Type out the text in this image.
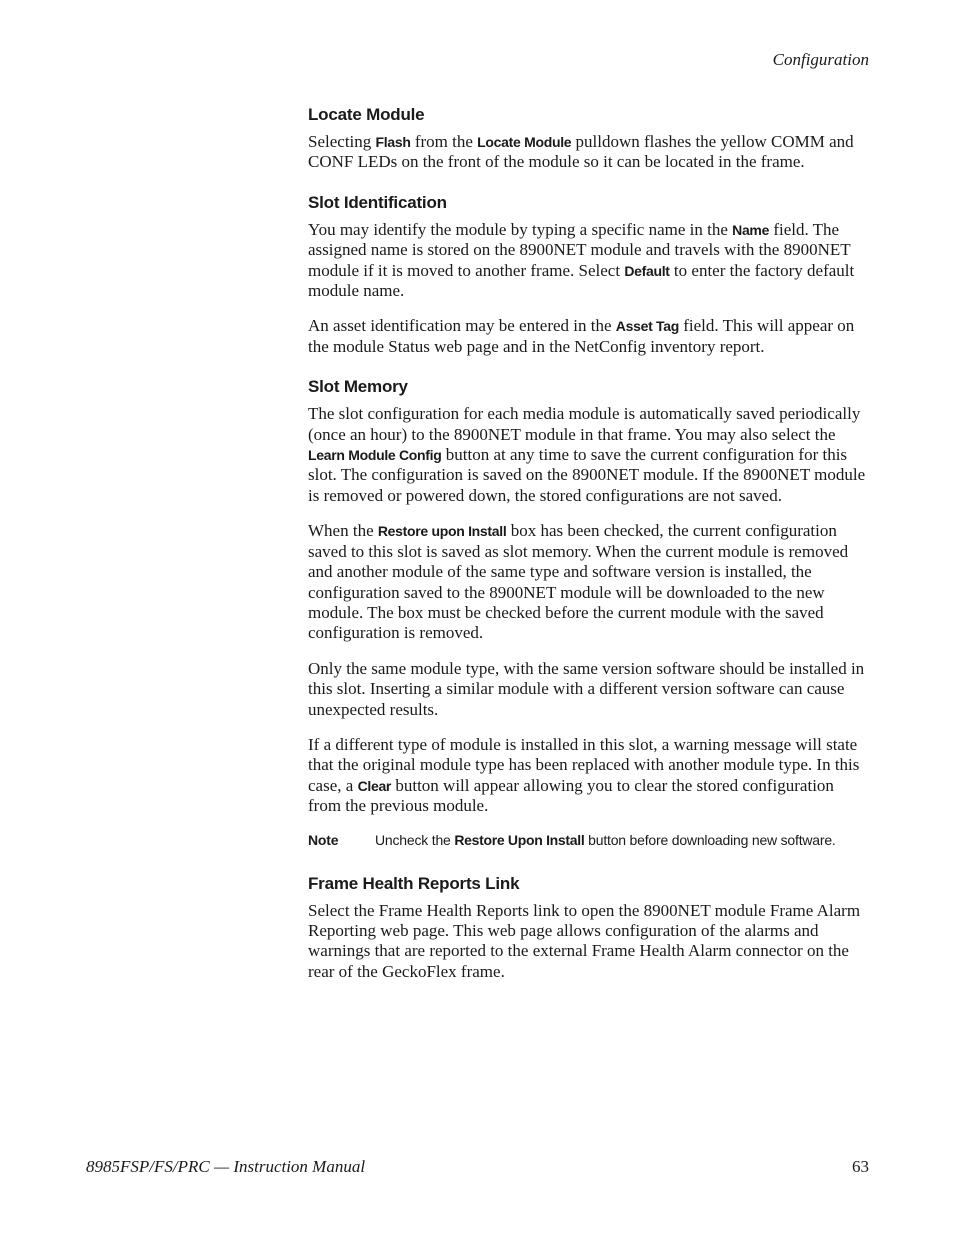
Configuration
Locate Module

Selecting Flash from the Locate Module pulldown flashes the yellow COMM and CONF LEDs on the front of the module so it can be located in the frame.

Slot Identification

You may identify the module by typing a specific name in the Name field. The assigned name is stored on the 8900NET module and travels with the 8900NET module if it is moved to another frame. Select Default to enter the factory default module name.

An asset identification may be entered in the Asset Tag field. This will appear on the module Status web page and in the NetConfig inventory report.

Slot Memory

The slot configuration for each media module is automatically saved periodically (once an hour) to the 8900NET module in that frame. You may also select the Learn Module Config button at any time to save the current configuration for this slot. The configuration is saved on the 8900NET module. If the 8900NET module is removed or powered down, the stored configurations are not saved.

When the Restore upon Install box has been checked, the current configuration saved to this slot is saved as slot memory. When the current module is removed and another module of the same type and software version is installed, the configuration saved to the 8900NET module will be downloaded to the new module. The box must be checked before the current module with the saved configuration is removed.

Only the same module type, with the same version software should be installed in this slot. Inserting a similar module with a different version software can cause unexpected results.

If a different type of module is installed in this slot, a warning message will state that the original module type has been replaced with another module type. In this case, a Clear button will appear allowing you to clear the stored configuration from the previous module.

Note	Uncheck the Restore Upon Install button before downloading new software.
Frame Health Reports Link

Select the Frame Health Reports link to open the 8900NET module Frame Alarm Reporting web page. This web page allows configuration of the alarms and warnings that are reported to the external Frame Health Alarm connector on the rear of the GeckoFlex frame.

8985FSP/FS/PRC — Instruction Manual	63
